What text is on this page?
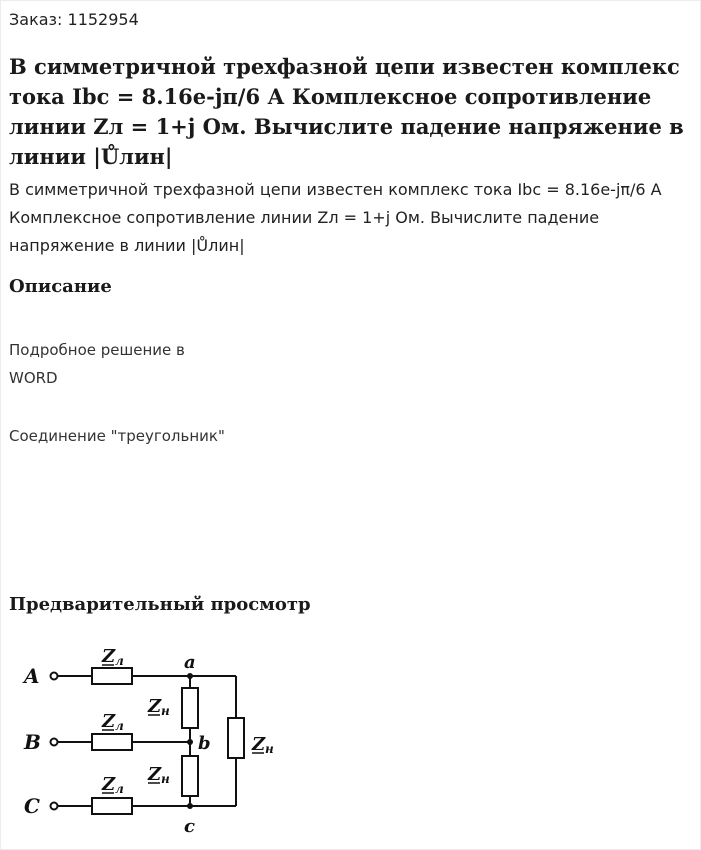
Заказ: 1152954
В симметричной трехфазной цепи известен комплекс тока Ibc = 8.16e-jπ/6 А Комплексное сопротивление линии Zл = 1+j Ом. Вычислите падение напряжение в линии |Ůлин|
В симметричной трехфазной цепи известен комплекс тока Ibc = 8.16e-jπ/6 А Комплексное сопротивление линии Zл = 1+j Ом. Вычислите падение напряжение в линии |Ůлин|
Описание
Подробное решение в
WORD
Соединение "треугольник"
Предварительный просмотр
A
B
C
a
b
c
Z л
Z л
Z л
Z н
Z н
Z н
